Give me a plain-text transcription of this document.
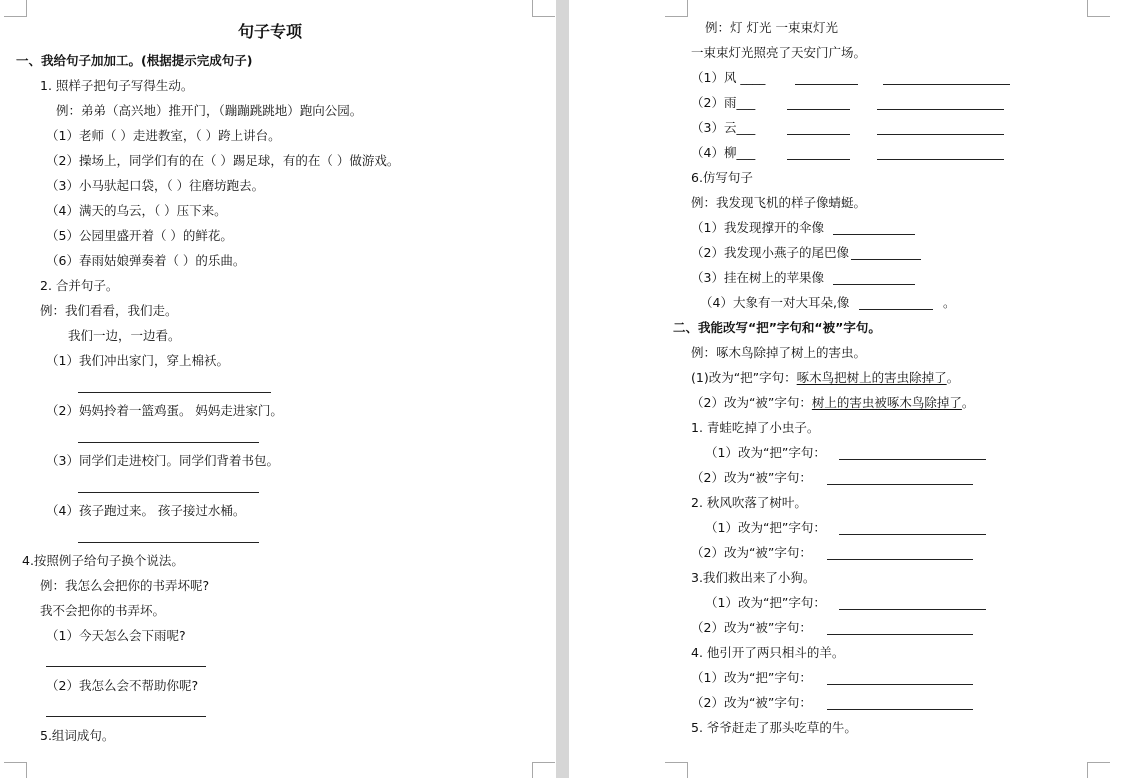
句子专项
一、我给句子加加工。(根据提示完成句子)
1. 照样子把句子写得生动。
例：弟弟（高兴地）推开门，（蹦蹦跳跳地）跑向公园。
（1）老师（ ）走进教室，（ ）跨上讲台。
（2）操场上，同学们有的在（ ）踢足球，有的在（ ）做游戏。
（3）小马驮起口袋，（ ）往磨坊跑去。
（4）满天的乌云，（ ）压下来。
（5）公园里盛开着（ ）的鲜花。
（6）春雨姑娘弹奏着（ ）的乐曲。
2. 合并句子。
例：我们看看，我们走。
我们一边，一边看。
（1）我们冲出家门，穿上棉袄。
（2）妈妈拎着一篮鸡蛋。 妈妈走进家门。
（3）同学们走进校门。同学们背着书包。
（4）孩子跑过来。 孩子接过水桶。
4.按照例子给句子换个说法。
例：我怎么会把你的书弄坏呢?
我不会把你的书弄坏。
（1）今天怎么会下雨呢?
（2）我怎么会不帮助你呢?
5.组词成句。
例：灯 灯光 一束束灯光
一束束灯光照亮了天安门广场。
（1）风 ____
（2）雨___
（3）云___
（4）柳___
6.仿写句子
例：我发现飞机的样子像蜻蜓。
（1）我发现撑开的伞像
（2）我发现小燕子的尾巴像
（3）挂在树上的苹果像
（4）大象有一对大耳朵,像	。
二、我能改写“把”字句和“被”字句。
例：啄木鸟除掉了树上的害虫。
(1)改为“把”字句：啄木鸟把树上的害虫除掉了。
（2）改为“被”字句：树上的害虫被啄木鸟除掉了。
1. 青蛙吃掉了小虫子。
（1）改为“把”字句：
（2）改为“被”字句：
2. 秋风吹落了树叶。
（1）改为“把”字句：
（2）改为“被”字句：
3.我们救出来了小狗。
（1）改为“把”字句：
（2）改为“被”字句：
4. 他引开了两只相斗的羊。
（1）改为“把”字句：
（2）改为“被”字句：
5. 爷爷赶走了那头吃草的牛。
